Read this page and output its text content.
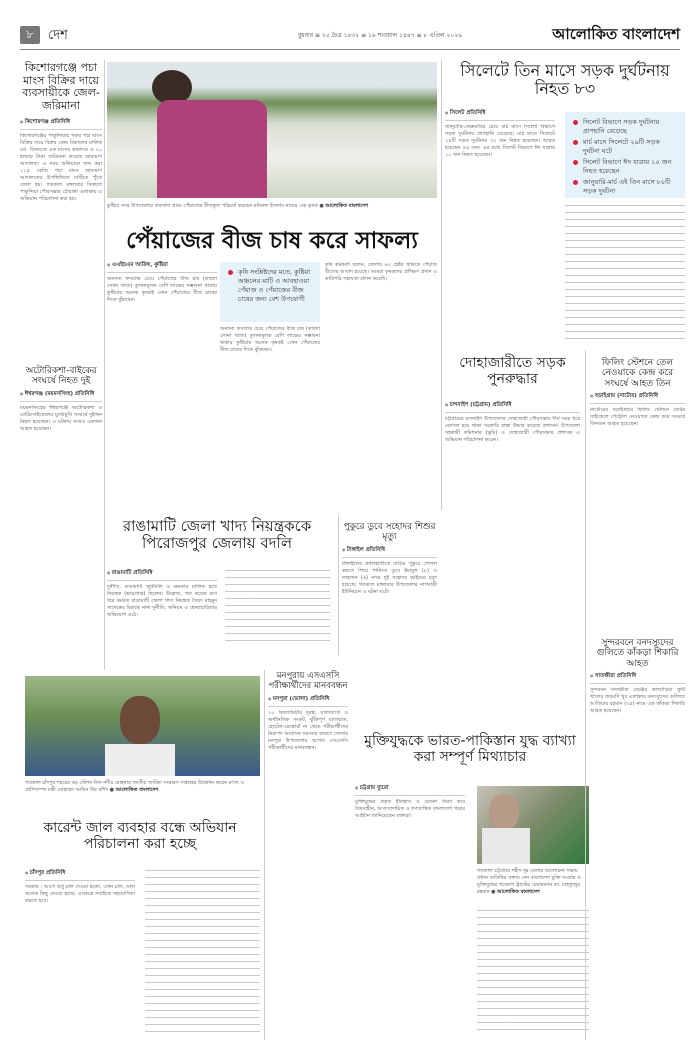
৮	দেশ	বুধবার ≡ ২৫ চৈত্র ১৪৩২ ≡ ১৯ শাওয়াল ১৪৪৭ ≡ ৮ এপ্রিল ২০২৬	আলোকিত বাংলাদেশ
কিশোরগঞ্জে পচা মাংস বিক্রির দায়ে ব্যবসায়ীকে জেল-জরিমানা
● কিশোরগঞ্জ প্রতিনিধি
কিশোরগঞ্জের পাকুন্দিয়ায় গরুর পচা মাংস বিক্রির দায়ে বিক্রয় কেন্দ্র বিকালের মালিক মো. বিজয়কে এক মাসের কারাদণ্ড ও ২০ হাজার টাকা জরিমানা করেছে ভ্রাম্যমাণ আদালত। এ সময় অভিযানে জব্দ করা ১১৫ কেজি পচা মাংস ভ্রাম্যমাণ আদালতের উপস্থিতিতে মাটিতে পুঁতে ফেলা হয়। গতকাল মঙ্গলবার বিকালে পাকুন্দিয়া পৌরসভার চৌরাস্তা এলাকায় এ অভিযান পরিচালনা করা হয়।
অটোরিকশা-বাইকের সংঘর্ষে নিহত দুই
● ঈশ্বরগঞ্জ (ময়মনসিংহ) প্রতিনিধি
ময়মনসিংহের ঈশ্বরগঞ্জে অটোরিকশা ও মোটরসাইকেলের মুখোমুখি সংঘর্ষে দুইজন নিহত হয়েছেন। এ ঘটনায় আরও একজন আহত হয়েছেন।
কুষ্টিয়া সদর উপজেলার বারখাদা গ্রামে পেঁয়াজের বীজফুল পরিচর্যা করছেন মনিরুল ইসলাম নামের এক কৃষক ● আলোকিত বাংলাদেশ
পেঁয়াজের বীজ চাষ করে সাফল্য
● এএইচএম আরিফ, কুষ্টিয়া
অন্যান্য ফসলের চেয়ে পেঁয়াজের বীজ চাষ (কালো সোনা খ্যাত) তুলনামূলক বেশি লাভের সম্ভাবনা থাকায় কুষ্টিয়ার অনেক কৃষকই এখন পেঁয়াজের বীজ চাষের দিকে ঝুঁকছেন।
কৃষি সংশ্লিষ্টদের মতে, কুষ্টিয়া অঞ্চলের মাটি ও আবহাওয়া পেঁয়াজ ও পেঁয়াজের বীজ চাষের জন্য বেশ উপযোগী
অন্যান্য ফসলের চেয়ে পেঁয়াজের বীজ চাষ (কালো সোনা খ্যাত) তুলনামূলক বেশি লাভের সম্ভাবনা থাকায় কুষ্টিয়ার অনেক কৃষকই এখন পেঁয়াজের বীজ চাষের দিকে ঝুঁকছেন।
কৃষি কর্মকর্তা বলেন, জেলায় ৬২ হেক্টর জমিতে পেঁয়াজ বীজের আবাদ হয়েছে। আমরা কৃষকদের প্রশিক্ষণ প্রদান ও কারিগরি সহায়তা প্রদান করেছি।
সিলেটে তিন মাসে সড়ক দুর্ঘটনায় নিহত ৮৩
● সিলেট প্রতিনিধি
জানুয়ারি-ফেব্রুয়ারির চেয়ে মার্চ মাসে সিলেট বিভাগে সড়ক দুর্ঘটনায় প্রাণহানি বেড়েছে। মার্চ মাসে সিলেটে ২৯টি সড়ক দুর্ঘটনায় ৩২ জন নিহত হয়েছেন। আহত হয়েছেন ৪৪ জন। এর মধ্যে সিলেট বিভাগে ঈদ যাত্রায় ১০ জন নিহত হয়েছেন।
সিলেট বিভাগে সড়ক দুর্ঘটনায় প্রাণহানি বেড়েছে
মার্চ মাসে সিলেটে ২৯টি সড়ক দুর্ঘটনা ঘটে
সিলেট বিভাগে ঈদ যাত্রায় ১০ জন নিহত হয়েছেন
জানুয়ারি-মার্চ এই তিন মাসে ৮০টি সড়ক দুর্ঘটনা
দোহাজারীতে সড়ক পুনরুদ্ধার
● চন্দনাইশ (চট্টগ্রাম) প্রতিনিধি
চট্টগ্রামের চন্দনাইশ উপজেলার দোহাজারী পৌরসভায় দীর্ঘ সময় ধরে বেদখল হয়ে থাকা সরকারি রাস্তা উদ্ধার করেছে প্রশাসন। উপজেলা সহকারী কমিশনার (ভূমি) ও দোহাজারী পৌরসভার প্রশাসক এ অভিযান পরিচালনা করেন।
ফিলিং স্টেশনে তেল নেওয়াকে কেন্দ্র করে সংঘর্ষে আহত তিন
● বড়াইগ্রাম (নাটোর) প্রতিনিধি
নাটোরের বড়াইগ্রামে ফিলিং স্টেশনে মোটর সাইকেলে পেট্রোল নেওয়াকে কেন্দ্র করে সংঘর্ষে তিনজন আহত হয়েছেন।
রাঙামাটি জেলা খাদ্য নিয়ন্ত্রককে পিরোজপুর জেলায় বদলি
● রাঙামাটি প্রতিনিধি
দুর্নীতি, রাঙামাটি জুটমিলি ও ক্ষমতার মালিক হতে নিয়ন্ত্রক (ভারপ্রাপ্ত) ছিলেন। উল্লেখ্য, গত কয়েক মাস ধরে কর্মরত রাঙামাটি জেলা খাদ্য নিয়ন্ত্রক সৈয়দ মাহমুদ সাদেক্বের বিরুদ্ধে নানা দুর্নীতি, অনিয়ম ও স্বেচ্ছাচারিতার অভিযোগ ওঠে।
পুকুরে ডুবে সহোদর শিশুর মৃত্যু
● টাঙ্গাইল প্রতিনিধি
টাঙ্গাইলের কালিহাতীতে বাড়ির পুকুরে গোসল করতে গিয়ে পানিতে ডুবে ইমামুল (৮) ও তাহসান (৬) নামে দুই সহোদর ভাইয়ের মৃত্যু হয়েছে। গতকাল মঙ্গলবার উপজেলার নাগবাড়ী ইউনিয়নে এ ঘটনা ঘটে।
সুন্দরবনে বনদস্যুদের গুলিতে কাঁকড়া শিকারি আহত
● সাতক্ষীরা প্রতিনিধি
সুন্দরবন সাতক্ষীরা রেঞ্জের কলবাড়িয়া ফুটি খালের জয়মণি খুব এলাকায় বনদস্যুদের গুলিতে আতিয়ার রহমান (৩৫) নামে এক কাঁকড়া শিকারি আহত হয়েছেন।
গতকাল চাঁদপুর শহরের বড় স্টেশন তিন নদীর মোহনায় জাতীয় জাটকা সংরক্ষণ সপ্তাহের উদ্বোধন করেন মৎস্য ও প্রাণিসম্পদ মন্ত্রী মোহাম্মদ আমিন উর রশিদ ● আলোকিত বাংলাদেশ
কারেন্ট জাল ব্যবহার বন্ধে অভিযান পরিচালনা করা হচ্ছে
● চাঁদপুর প্রতিনিধি
সরকার : আগে শুধু চাল দেওয়া হতো, এখন চাল, ডাল অনেক কিছু দেওয়া হচ্ছে। এক্ষেত্রে সবাইকে সহযোগিতা করতে হবে।
মনপুরায় এসএসসি পরীক্ষার্থীদের মানববন্ধন
● মনপুরা (ভোলা) প্রতিনিধি
২০ কিলোমিটার দূরত্ব, যাতায়াতে ও অর্থনৈতিক সংকট, ঝুঁকিপূর্ণ যাতায়াত, হোটেল-রেস্তোরাঁ না থেকে পরীক্ষার্থীদের নিরাপদ আবাসন সমস্যার কারণে জেলার মনপুরা উপজেলায় আগত এসএসসি পরীক্ষার্থীদের মানববন্ধন।	মুক্তিযুদ্ধকে ভারত-পাকিস্তান যুদ্ধ ব্যাখ্যা করা সম্পূর্ণ মিথ্যাচার
● চট্টগ্রাম ব্যুরো
মুক্তিযুদ্ধের প্রকৃত ইতিহাস ও চেতনা ধারণ করে বৈষম্যহীন, অসাম্প্রদায়িক ও গণতান্ত্রিক বাংলাদেশ গড়ার আহ্বান জানিয়েছেন বক্তারা।
গতকাল চট্টগ্রামে শহীদ নূর মেলার আলোচনা সভায় প্রধান অতিথির বক্তব্য দেন বাংলাদেশ মুক্তি সংগ্রাম ও মুক্তিযুদ্ধের গবেষণা ট্রাস্টের চেয়ারম্যান ডা. মাহফুজুর রহমান ● আলোকিত বাংলাদেশ
